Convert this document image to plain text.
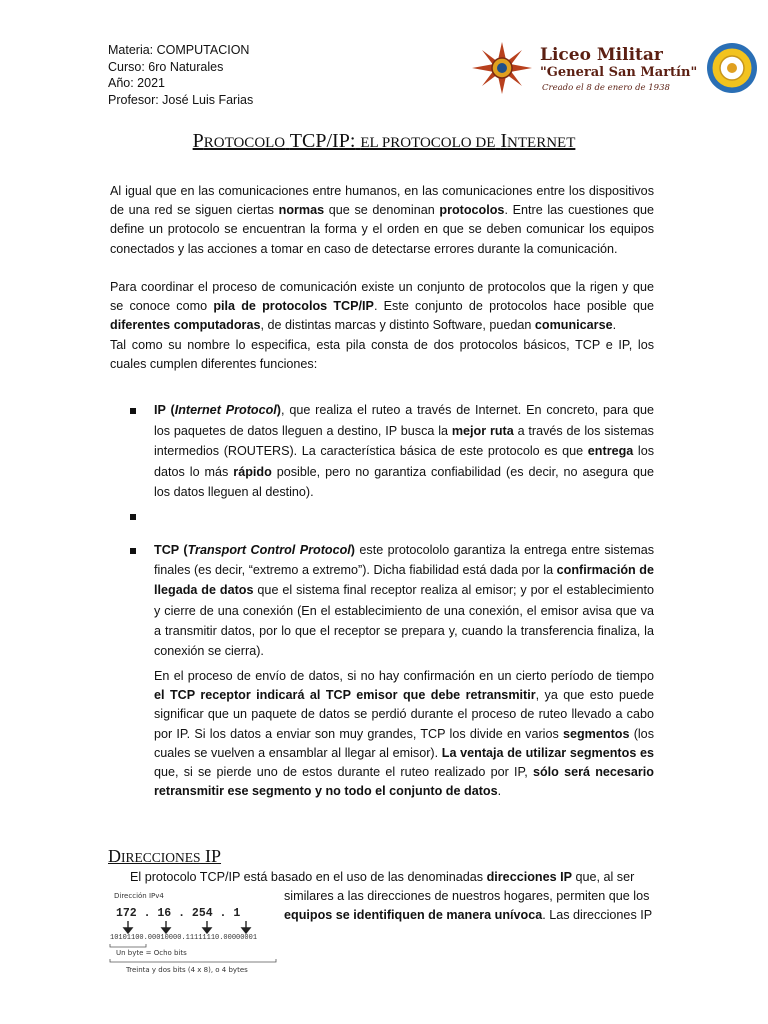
Materia: COMPUTACION
Curso: 6ro Naturales
Año: 2021
Profesor: José Luis Farias
Liceo Militar
"General San Martín"
Creado el 8 de enero de 1938
PROTOCOLO TCP/IP: EL PROTOCOLO DE INTERNET

Al igual que en las comunicaciones entre humanos, en las comunicaciones entre los dispositivos de una red se siguen ciertas normas que se denominan protocolos. Entre las cuestiones que define un protocolo se encuentran la forma y el orden en que se deben comunicar los equipos conectados y las acciones a tomar en caso de detectarse errores durante la comunicación.

Para coordinar el proceso de comunicación existe un conjunto de protocolos que la rigen y que se conoce como pila de protocolos TCP/IP. Este conjunto de protocolos hace posible que diferentes computadoras, de distintas marcas y distinto Software, puedan comunicarse.

Tal como su nombre lo especifica, esta pila consta de dos protocolos básicos, TCP e IP, los cuales cumplen diferentes funciones:

IP (Internet Protocol), que realiza el ruteo a través de Internet. En concreto, para que los paquetes de datos lleguen a destino, IP busca la mejor ruta a través de los sistemas intermedios (ROUTERS). La característica básica de este protocolo es que entrega los datos lo más rápido posible, pero no garantiza confiabilidad (es decir, no asegura que los datos lleguen al destino).

TCP (Transport Control Protocol) este protocololo garantiza la entrega entre sistemas finales (es decir, “extremo a extremo”). Dicha fiabilidad está dada por la confirmación de llegada de datos que el sistema final receptor realiza al emisor; y por el establecimiento y cierre de una conexión (En el establecimiento de una conexión, el emisor avisa que va a transmitir datos, por lo que el receptor se prepara y, cuando la transferencia finaliza, la conexión se cierra).

En el proceso de envío de datos, si no hay confirmación en un cierto período de tiempo el TCP receptor indicará al TCP emisor que debe retransmitir, ya que esto puede significar que un paquete de datos se perdió durante el proceso de ruteo llevado a cabo por IP. Si los datos a enviar son muy grandes, TCP los divide en varios segmentos (los cuales se vuelven a ensamblar al llegar al emisor). La ventaja de utilizar segmentos es que, si se pierde uno de estos durante el ruteo realizado por IP, sólo será necesario retransmitir ese segmento y no todo el conjunto de datos.

DIRECCIONES IP

El protocolo TCP/IP está basado en el uso de las denominadas direcciones IP que, al ser

similares a las direcciones de nuestros hogares, permiten que los

equipos se identifiquen de manera unívoca. Las direcciones IP

Dirección IPv4
172 . 16 . 254 . 1
10101100.00010000.11111110.00000001
Un byte = Ocho bits
Treinta y dos bits (4 x 8), o 4 bytes
